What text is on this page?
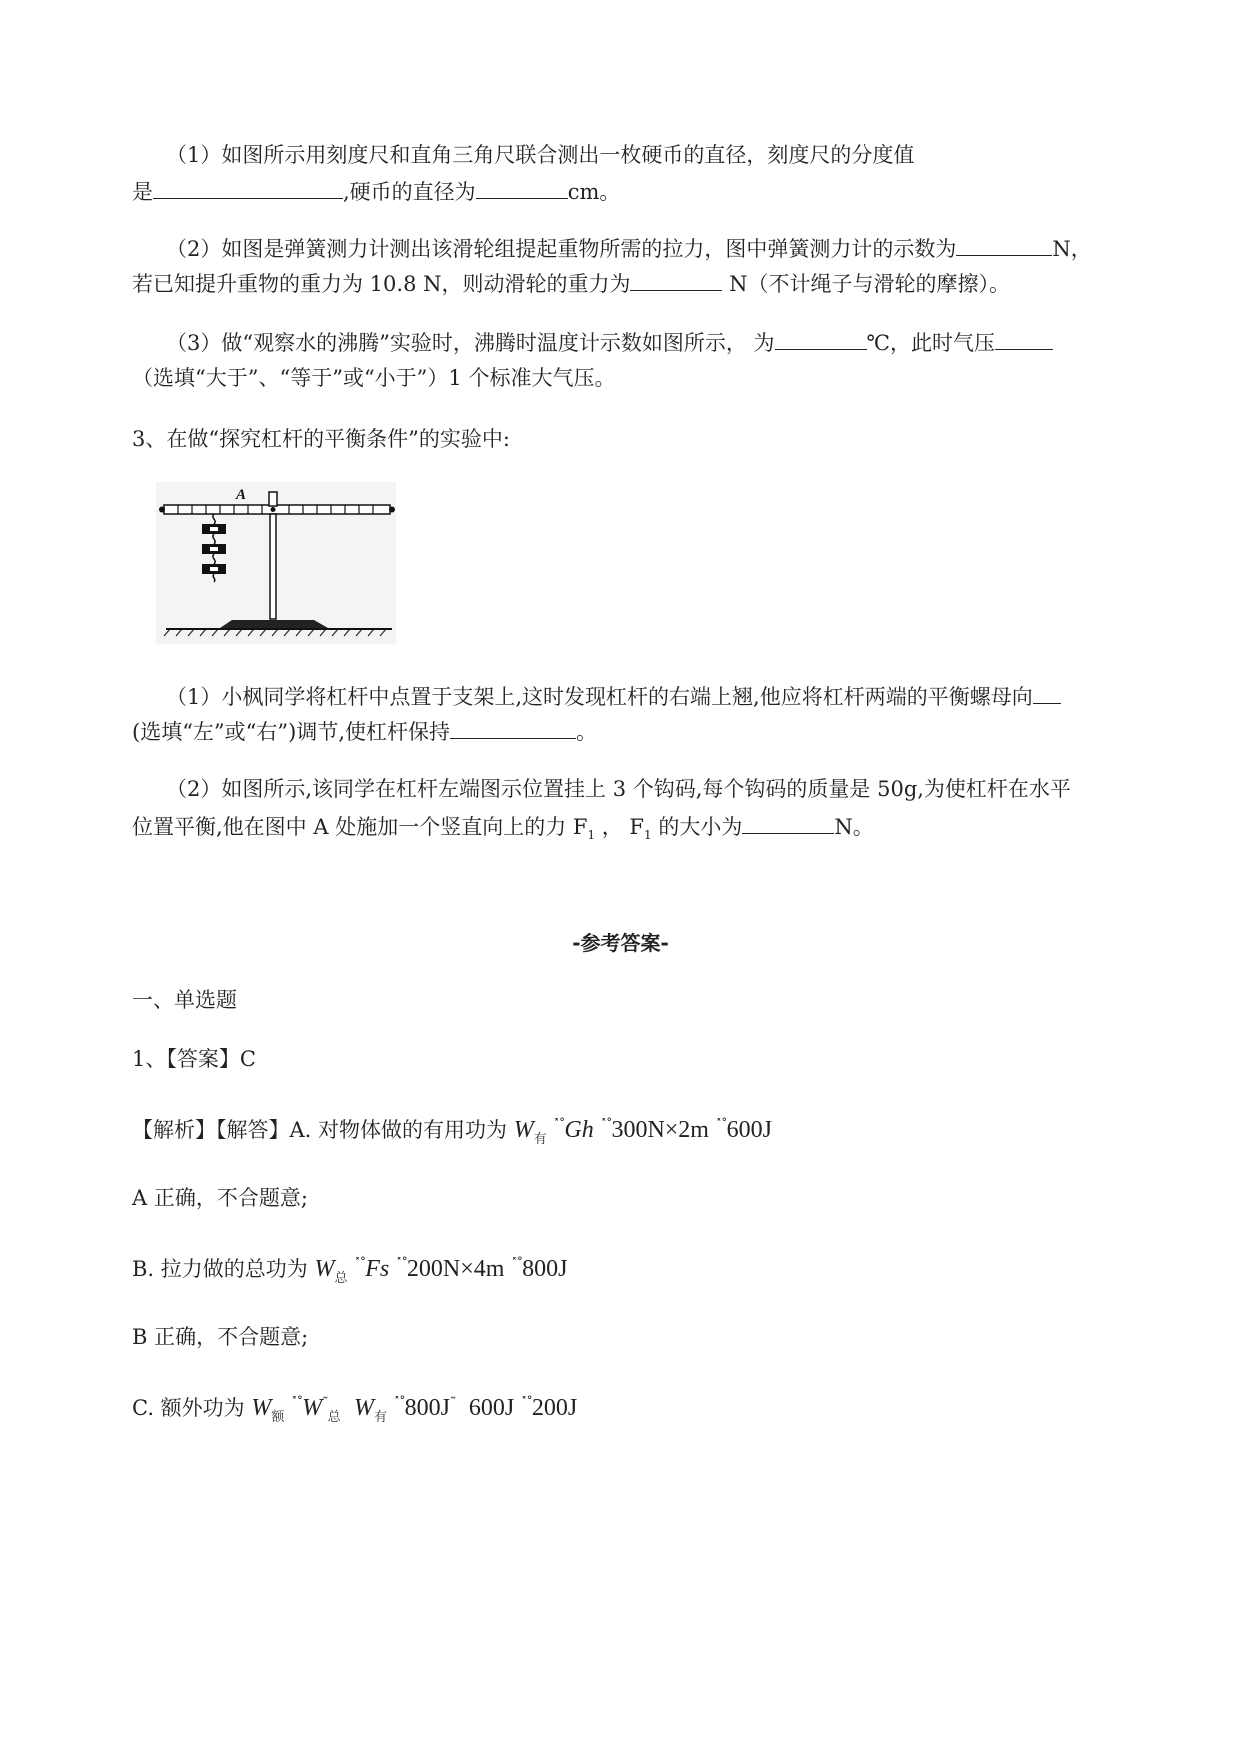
（1）如图所示用刻度尺和直角三角尺联合测出一枚硬币的直径，刻度尺的分度值
是	,硬币的直径为	cm。
（2）如图是弹簧测力计测出该滑轮组提起重物所需的拉力，图中弹簧测力计的示数为	N，
若已知提升重物的重力为 10.8 N，则动滑轮的重力为	N（不计绳子与滑轮的摩擦）。
（3）做“观察水的沸腾”实验时，沸腾时温度计示数如图所示， 为	℃，此时气压
（选填“大于”、“等于”或“小于”）1 个标准大气压。
3、在做“探究杠杆的平衡条件”的实验中:
A
（1）小枫同学将杠杆中点置于支架上,这时发现杠杆的右端上翘,他应将杠杆两端的平衡螺母向
(选填“左”或“右”)调节,使杠杆保持	。
（2）如图所示,该同学在杠杆左端图示位置挂上 3 个钩码,每个钩码的质量是 50g,为使杠杆在水平
位置平衡,他在图中 A 处施加一个竖直向上的力 $F_1$ ， $F_1$ 的大小为	N。
-参考答案-
一、单选题
1、【答案】C
【解析】【解答】A. 对物体做的有用功为 $W_有$ ˟˚Gh ˟˚300N×2m ˟˚600J
A 正确，不合题意;
B. 拉力做的总功为 $W_总$ ˟˚Fs ˟˚200N×4m ˟˚800J
B 正确，不合题意;
C. 额外功为 $W_额$ $^{˟˚}W^˜_总$ $W_有$ ˟˚800J˜ 600J ˟˚200J
